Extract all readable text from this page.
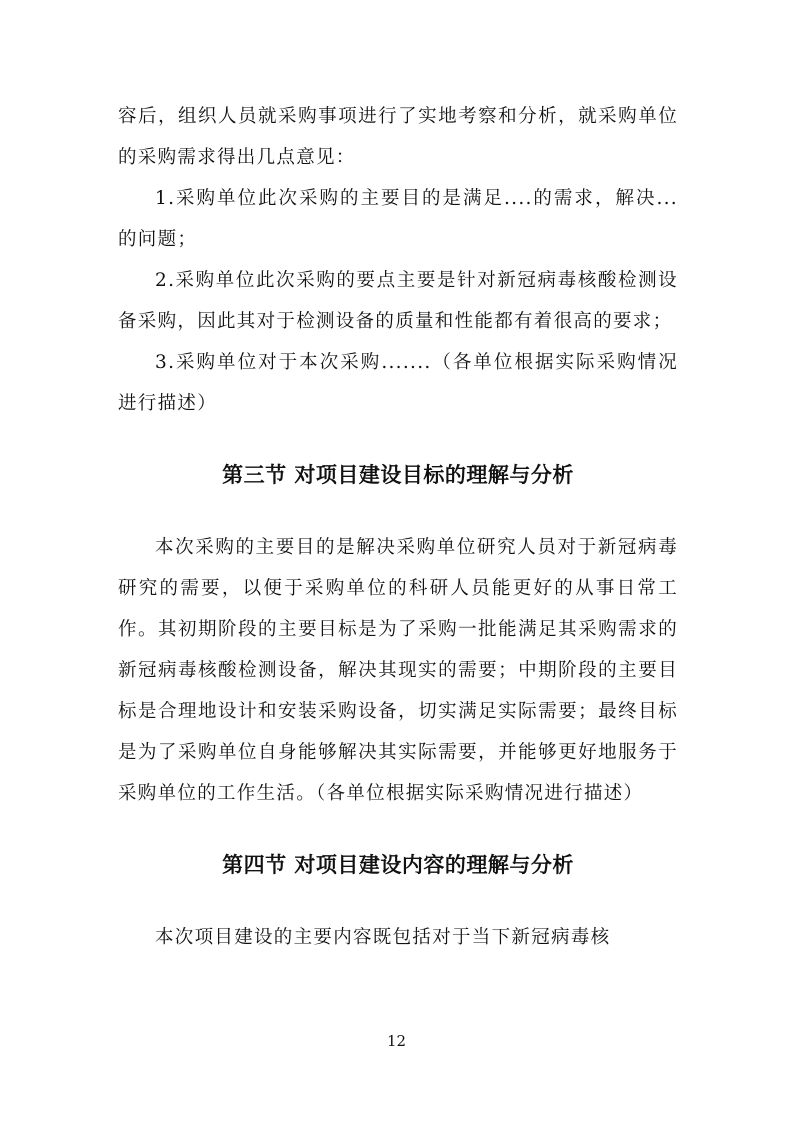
容后，组织人员就采购事项进行了实地考察和分析，就采购单位的采购需求得出几点意见：

1.采购单位此次采购的主要目的是满足....的需求，解决...的问题；

2.采购单位此次采购的要点主要是针对新冠病毒核酸检测设备采购，因此其对于检测设备的质量和性能都有着很高的要求；

3.采购单位对于本次采购.......（各单位根据实际采购情况进行描述）

第三节 对项目建设目标的理解与分析

本次采购的主要目的是解决采购单位研究人员对于新冠病毒研究的需要，以便于采购单位的科研人员能更好的从事日常工作。其初期阶段的主要目标是为了采购一批能满足其采购需求的新冠病毒核酸检测设备，解决其现实的需要；中期阶段的主要目标是合理地设计和安装采购设备，切实满足实际需要；最终目标是为了采购单位自身能够解决其实际需要，并能够更好地服务于采购单位的工作生活。（各单位根据实际采购情况进行描述）

第四节 对项目建设内容的理解与分析

本次项目建设的主要内容既包括对于当下新冠病毒核

12
